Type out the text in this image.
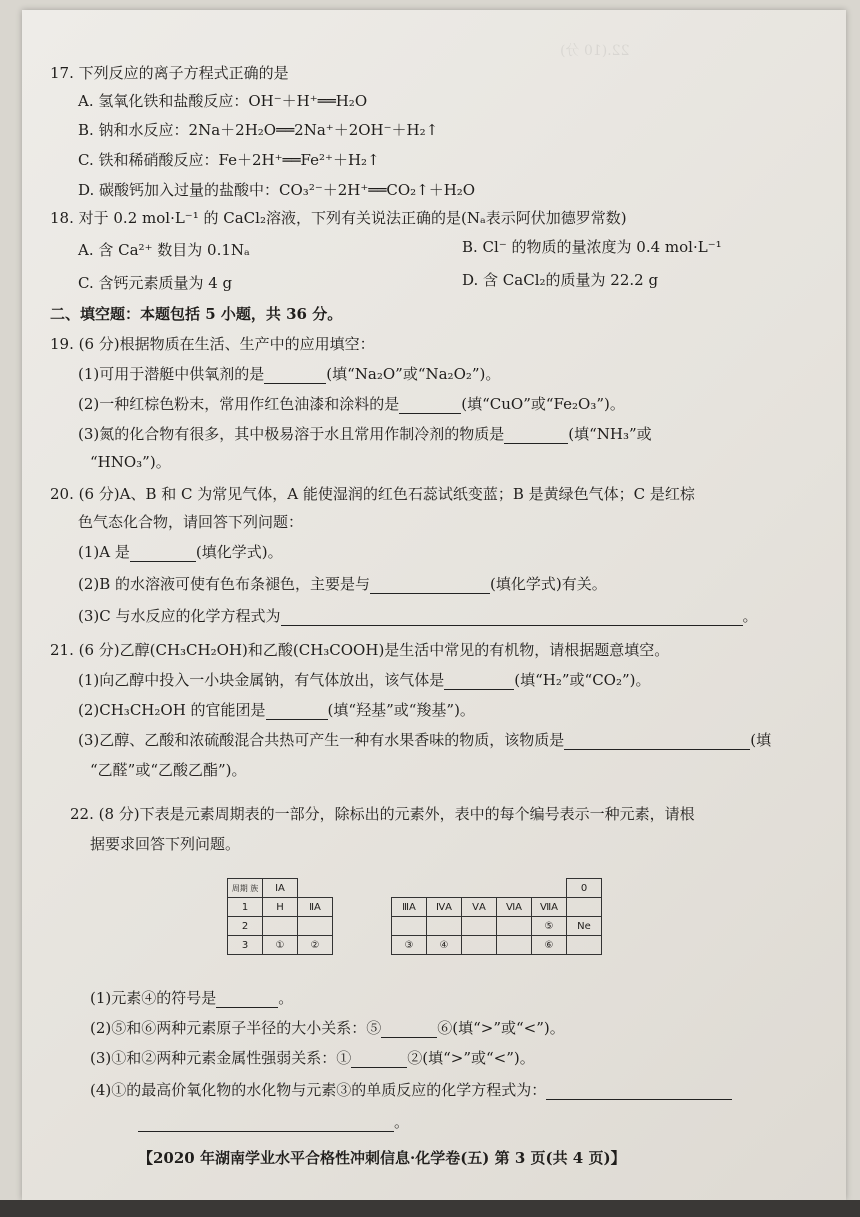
17. 下列反应的离子方程式正确的是
A. 氢氧化铁和盐酸反应：OH⁻＋H⁺══H₂O
B. 钠和水反应：2Na＋2H₂O══2Na⁺＋2OH⁻＋H₂↑
C. 铁和稀硝酸反应：Fe＋2H⁺══Fe²⁺＋H₂↑
D. 碳酸钙加入过量的盐酸中：CO₃²⁻＋2H⁺══CO₂↑＋H₂O
18. 对于 0.2 mol·L⁻¹ 的 CaCl₂溶液，下列有关说法正确的是(Nₐ表示阿伏加德罗常数)
A. 含 Ca²⁺ 数目为 0.1Nₐ	B. Cl⁻ 的物质的量浓度为 0.4 mol·L⁻¹
C. 含钙元素质量为 4 g	D. 含 CaCl₂的质量为 22.2 g
二、填空题：本题包括 5 小题，共 36 分。
19. (6 分)根据物质在生活、生产中的应用填空：
(1)可用于潜艇中供氧剂的是	(填“Na₂O”或“Na₂O₂”)。
(2)一种红棕色粉末，常用作红色油漆和涂料的是	(填“CuO”或“Fe₂O₃”)。
(3)氮的化合物有很多，其中极易溶于水且常用作制冷剂的物质是	(填“NH₃”或
“HNO₃”)。
20. (6 分)A、B 和 C 为常见气体，A 能使湿润的红色石蕊试纸变蓝；B 是黄绿色气体；C 是红棕
色气态化合物，请回答下列问题：
(1)A 是	(填化学式)。
(2)B 的水溶液可使有色布条褪色，主要是与	(填化学式)有关。
(3)C 与水反应的化学方程式为	。
21. (6 分)乙醇(CH₃CH₂OH)和乙酸(CH₃COOH)是生活中常见的有机物，请根据题意填空。
(1)向乙醇中投入一小块金属钠，有气体放出，该气体是	(填“H₂”或“CO₂”)。
(2)CH₃CH₂OH 的官能团是	(填“羟基”或“羧基”)。
(3)乙醇、乙酸和浓硫酸混合共热可产生一种有水果香味的物质，该物质是	(填
“乙醛”或“乙酸乙酯”)。
22. (8 分)下表是元素周期表的一部分，除标出的元素外，表中的每个编号表示一种元素，请根
据要求回答下列问题。
周期 族	ⅠA								0
1	H	ⅡA		ⅢA	ⅣA	ⅤA	ⅥA	ⅦA	
2								⑤	Ne
3	①	②		③	④			⑥	
(1)元素④的符号是	。
(2)⑤和⑥两种元素原子半径的大小关系：⑤	⑥(填“>”或“<”)。
(3)①和②两种元素金属性强弱关系：①	②(填“>”或“<”)。
(4)①的最高价氧化物的水化物与元素③的单质反应的化学方程式为：
。
【2020 年湖南学业水平合格性冲刺信息·化学卷(五) 第 3 页(共 4 页)】
